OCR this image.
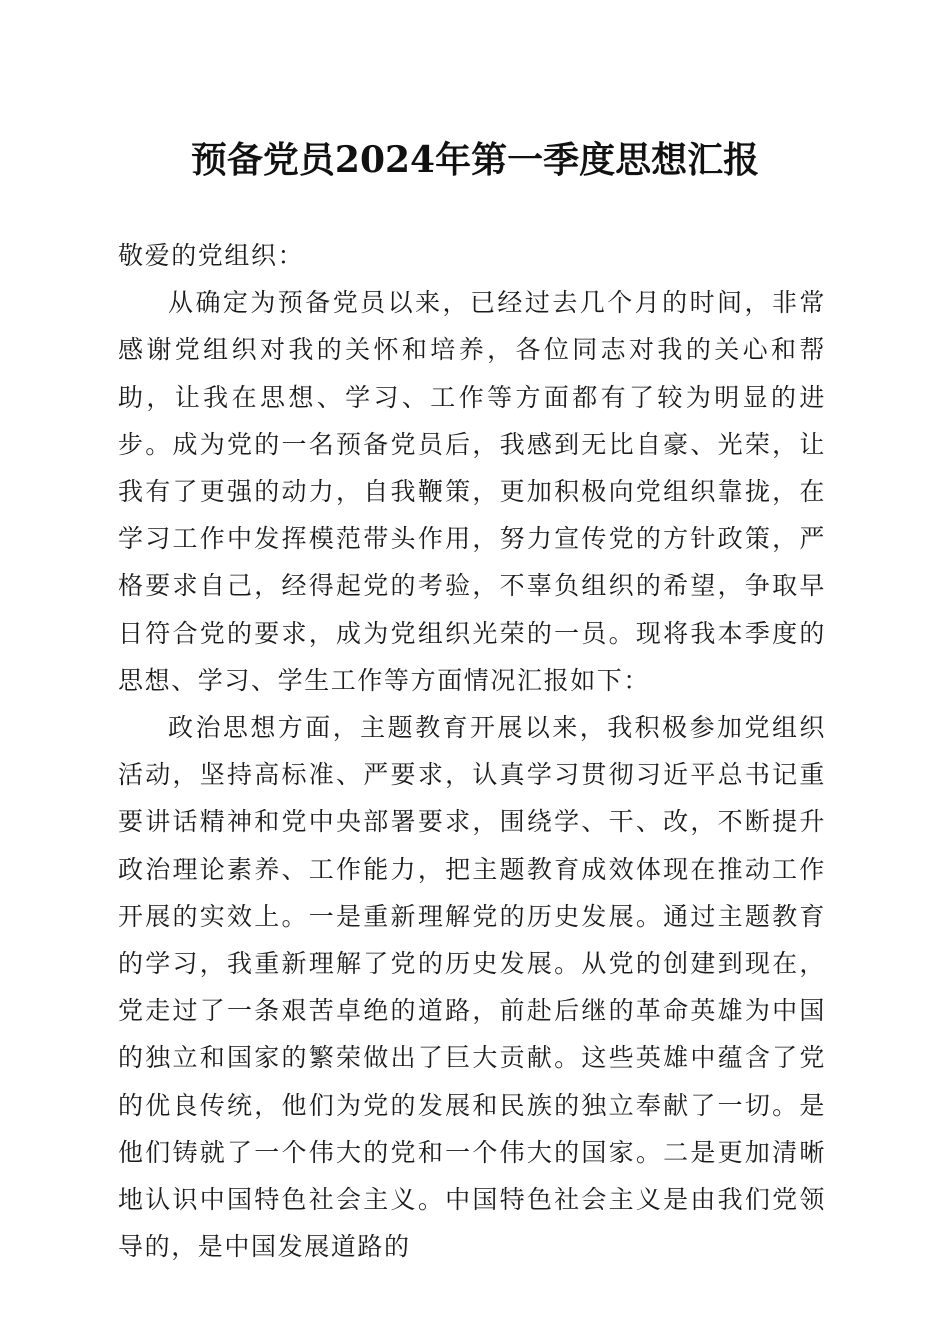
预备党员2024年第一季度思想汇报

敬爱的党组织：

从确定为预备党员以来，已经过去几个月的时间，非常感谢党组织对我的关怀和培养，各位同志对我的关心和帮助，让我在思想、学习、工作等方面都有了较为明显的进步。成为党的一名预备党员后，我感到无比自豪、光荣，让我有了更强的动力，自我鞭策，更加积极向党组织靠拢，在学习工作中发挥模范带头作用，努力宣传党的方针政策，严格要求自己，经得起党的考验，不辜负组织的希望，争取早日符合党的要求，成为党组织光荣的一员。现将我本季度的思想、学习、学生工作等方面情况汇报如下：

政治思想方面，主题教育开展以来，我积极参加党组织活动，坚持高标准、严要求，认真学习贯彻习近平总书记重要讲话精神和党中央部署要求，围绕学、干、改，不断提升政治理论素养、工作能力，把主题教育成效体现在推动工作开展的实效上。一是重新理解党的历史发展。通过主题教育的学习，我重新理解了党的历史发展。从党的创建到现在，党走过了一条艰苦卓绝的道路，前赴后继的革命英雄为中国的独立和国家的繁荣做出了巨大贡献。这些英雄中蕴含了党的优良传统，他们为党的发展和民族的独立奉献了一切。是他们铸就了一个伟大的党和一个伟大的国家。二是更加清晰地认识中国特色社会主义。中国特色社会主义是由我们党领导的，是中国发展道路的
